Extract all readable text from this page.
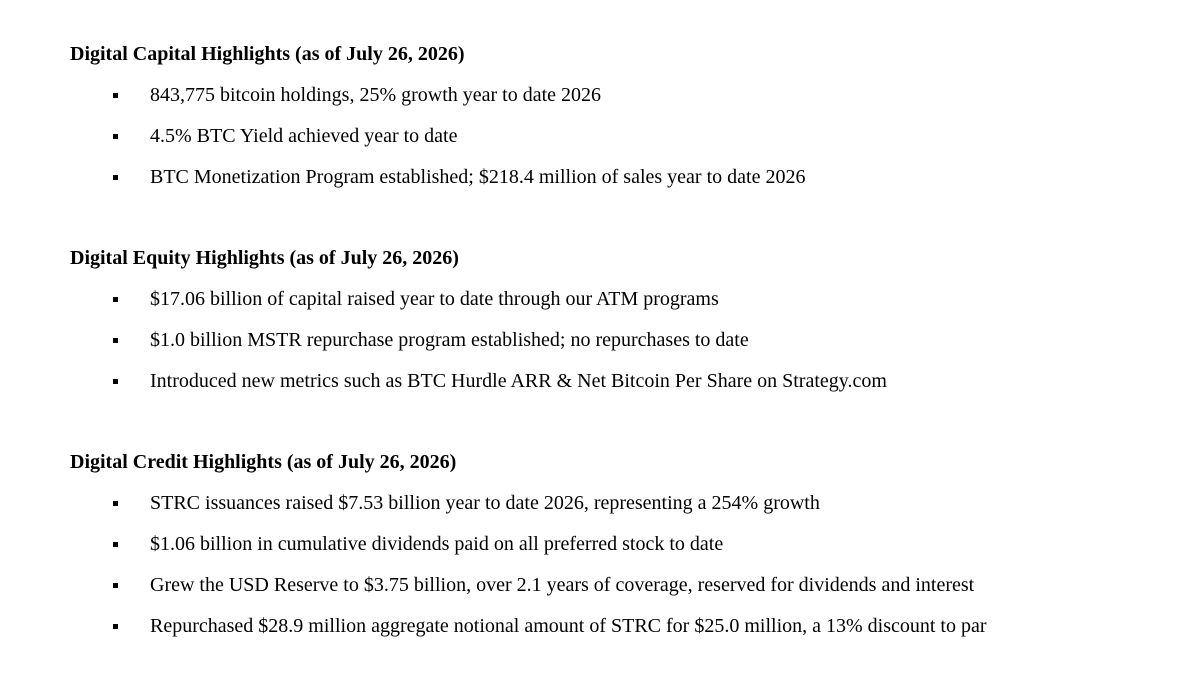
Digital Capital Highlights (as of July 26, 2026)
843,775 bitcoin holdings, 25% growth year to date 2026
4.5% BTC Yield achieved year to date
BTC Monetization Program established; $218.4 million of sales year to date 2026
Digital Equity Highlights (as of July 26, 2026)
$17.06 billion of capital raised year to date through our ATM programs
$1.0 billion MSTR repurchase program established; no repurchases to date
Introduced new metrics such as BTC Hurdle ARR & Net Bitcoin Per Share on Strategy.com
Digital Credit Highlights (as of July 26, 2026)
STRC issuances raised $7.53 billion year to date 2026, representing a 254% growth
$1.06 billion in cumulative dividends paid on all preferred stock to date
Grew the USD Reserve to $3.75 billion, over 2.1 years of coverage, reserved for dividends and interest
Repurchased $28.9 million aggregate notional amount of STRC for $25.0 million, a 13% discount to par
